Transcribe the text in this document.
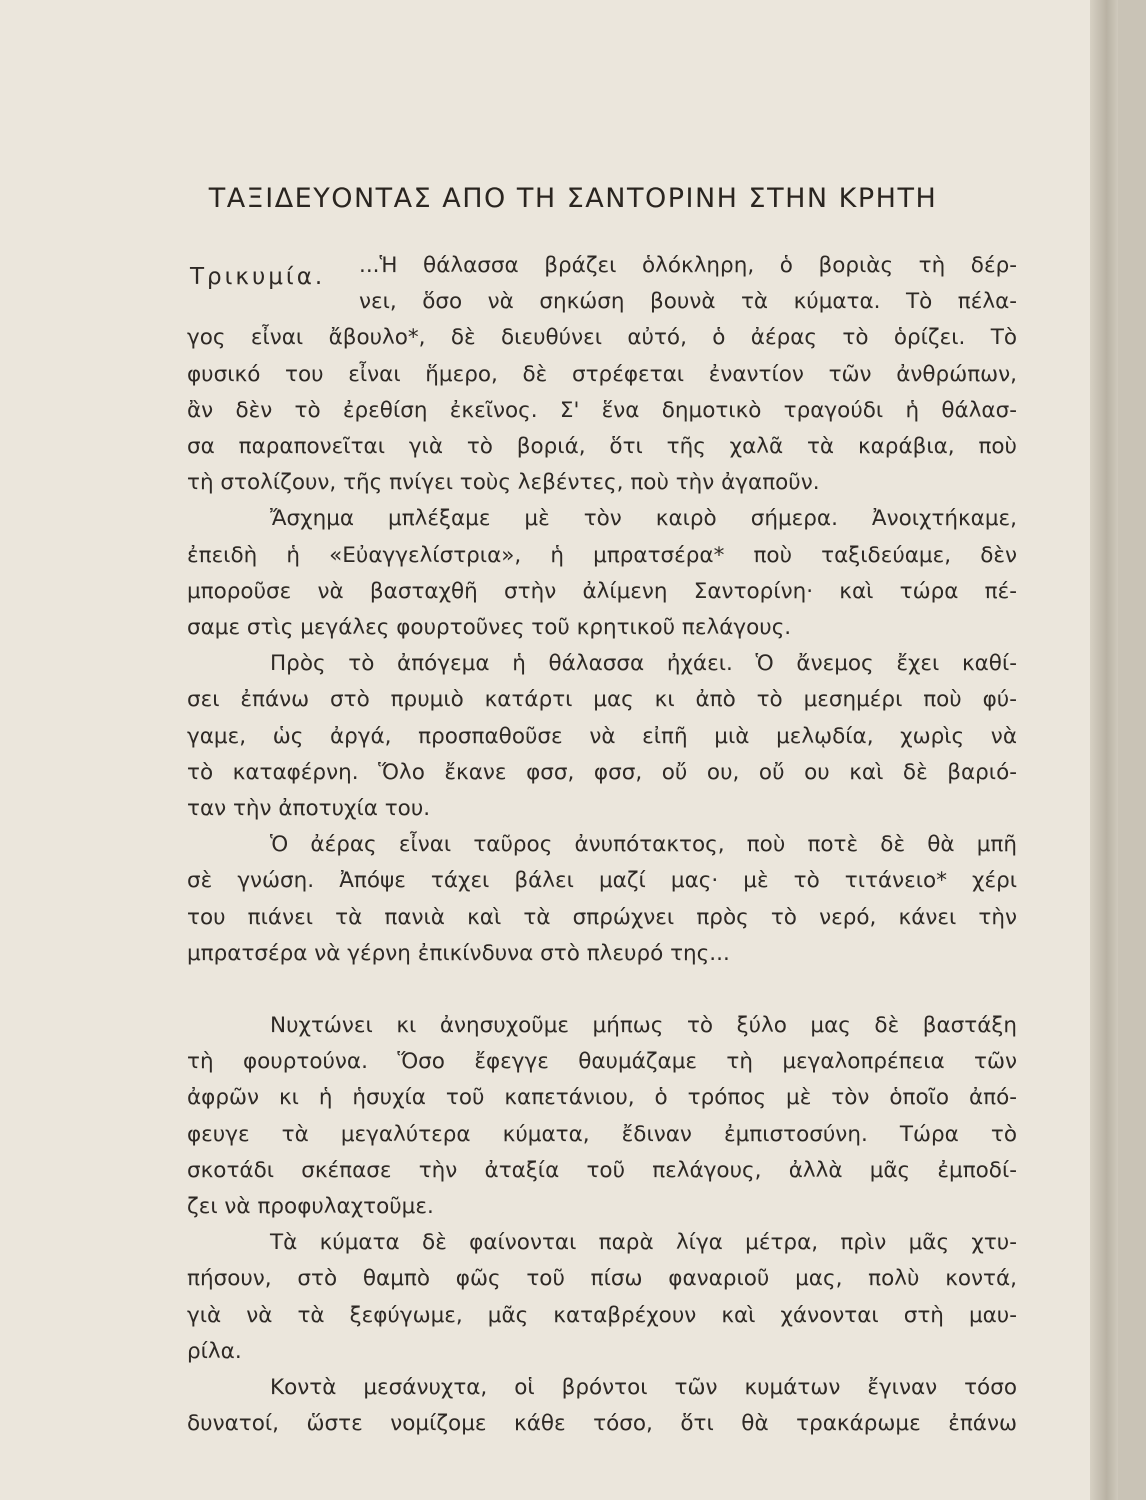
ΤΑΞΙΔΕΥΟΝΤΑΣ ΑΠΟ ΤΗ ΣΑΝΤΟΡΙΝΗ ΣΤΗΝ ΚΡΗΤΗ
Τρικυμία.	...Ἡ θάλασσα βράζει ὁλόκληρη, ὁ βοριὰς τὴ δέρ-
νει, ὅσο νὰ σηκώση βουνὰ τὰ κύματα. Τὸ πέλα-
γος εἶναι ἄβουλο*, δὲ διευθύνει αὐτό, ὁ ἀέρας τὸ ὁρίζει. Τὸ
φυσικό του εἶναι ἥμερο, δὲ στρέφεται ἐναντίον τῶν ἀνθρώπων,
ἂν δὲν τὸ ἐρεθίση ἐκεῖνος. Σ' ἕνα δημοτικὸ τραγούδι ἡ θάλασ-
σα παραπονεῖται γιὰ τὸ βοριά, ὅτι τῆς χαλᾶ τὰ καράβια, ποὺ
τὴ στολίζουν, τῆς πνίγει τοὺς λεβέντες, ποὺ τὴν ἀγαποῦν.
Ἄσχημα μπλέξαμε μὲ τὸν καιρὸ σήμερα. Ἀνοιχτήκαμε,
ἐπειδὴ ἡ «Εὐαγγελίστρια», ἡ μπρατσέρα* ποὺ ταξιδεύαμε, δὲν
μποροῦσε νὰ βασταχθῆ στὴν ἀλίμενη Σαντορίνη· καὶ τώρα πέ-
σαμε στὶς μεγάλες φουρτοῦνες τοῦ κρητικοῦ πελάγους.
Πρὸς τὸ ἀπόγεμα ἡ θάλασσα ἠχάει. Ὁ ἄνεμος ἔχει καθί-
σει ἐπάνω στὸ πρυμιὸ κατάρτι μας κι ἀπὸ τὸ μεσημέρι ποὺ φύ-
γαμε, ὡς ἀργά, προσπαθοῦσε νὰ εἰπῆ μιὰ μελῳδία, χωρὶς νὰ
τὸ καταφέρνη. Ὅλο ἔκανε φσσ, φσσ, οὔ ου, οὔ ου καὶ δὲ βαριό-
ταν τὴν ἀποτυχία του.
Ὁ ἀέρας εἶναι ταῦρος ἀνυπότακτος, ποὺ ποτὲ δὲ θὰ μπῆ
σὲ γνώση. Ἀπόψε τάχει βάλει μαζί μας· μὲ τὸ τιτάνειο* χέρι
του πιάνει τὰ πανιὰ καὶ τὰ σπρώχνει πρὸς τὸ νερό, κάνει τὴν
μπρατσέρα νὰ γέρνη ἐπικίνδυνα στὸ πλευρό της...
Νυχτώνει κι ἀνησυχοῦμε μήπως τὸ ξύλο μας δὲ βαστάξη
τὴ φουρτούνα. Ὅσο ἔφεγγε θαυμάζαμε τὴ μεγαλοπρέπεια τῶν
ἀφρῶν κι ἡ ἡσυχία τοῦ καπετάνιου, ὁ τρόπος μὲ τὸν ὁποῖο ἀπό-
φευγε τὰ μεγαλύτερα κύματα, ἔδιναν ἐμπιστοσύνη. Τώρα τὸ
σκοτάδι σκέπασε τὴν ἀταξία τοῦ πελάγους, ἀλλὰ μᾶς ἐμποδί-
ζει νὰ προφυλαχτοῦμε.
Τὰ κύματα δὲ φαίνονται παρὰ λίγα μέτρα, πρὶν μᾶς χτυ-
πήσουν, στὸ θαμπὸ φῶς τοῦ πίσω φαναριοῦ μας, πολὺ κοντά,
γιὰ νὰ τὰ ξεφύγωμε, μᾶς καταβρέχουν καὶ χάνονται στὴ μαυ-
ρίλα.
Κοντὰ μεσάνυχτα, οἱ βρόντοι τῶν κυμάτων ἔγιναν τόσο
δυνατοί, ὥστε νομίζομε κάθε τόσο, ὅτι θὰ τρακάρωμε ἐπάνω
